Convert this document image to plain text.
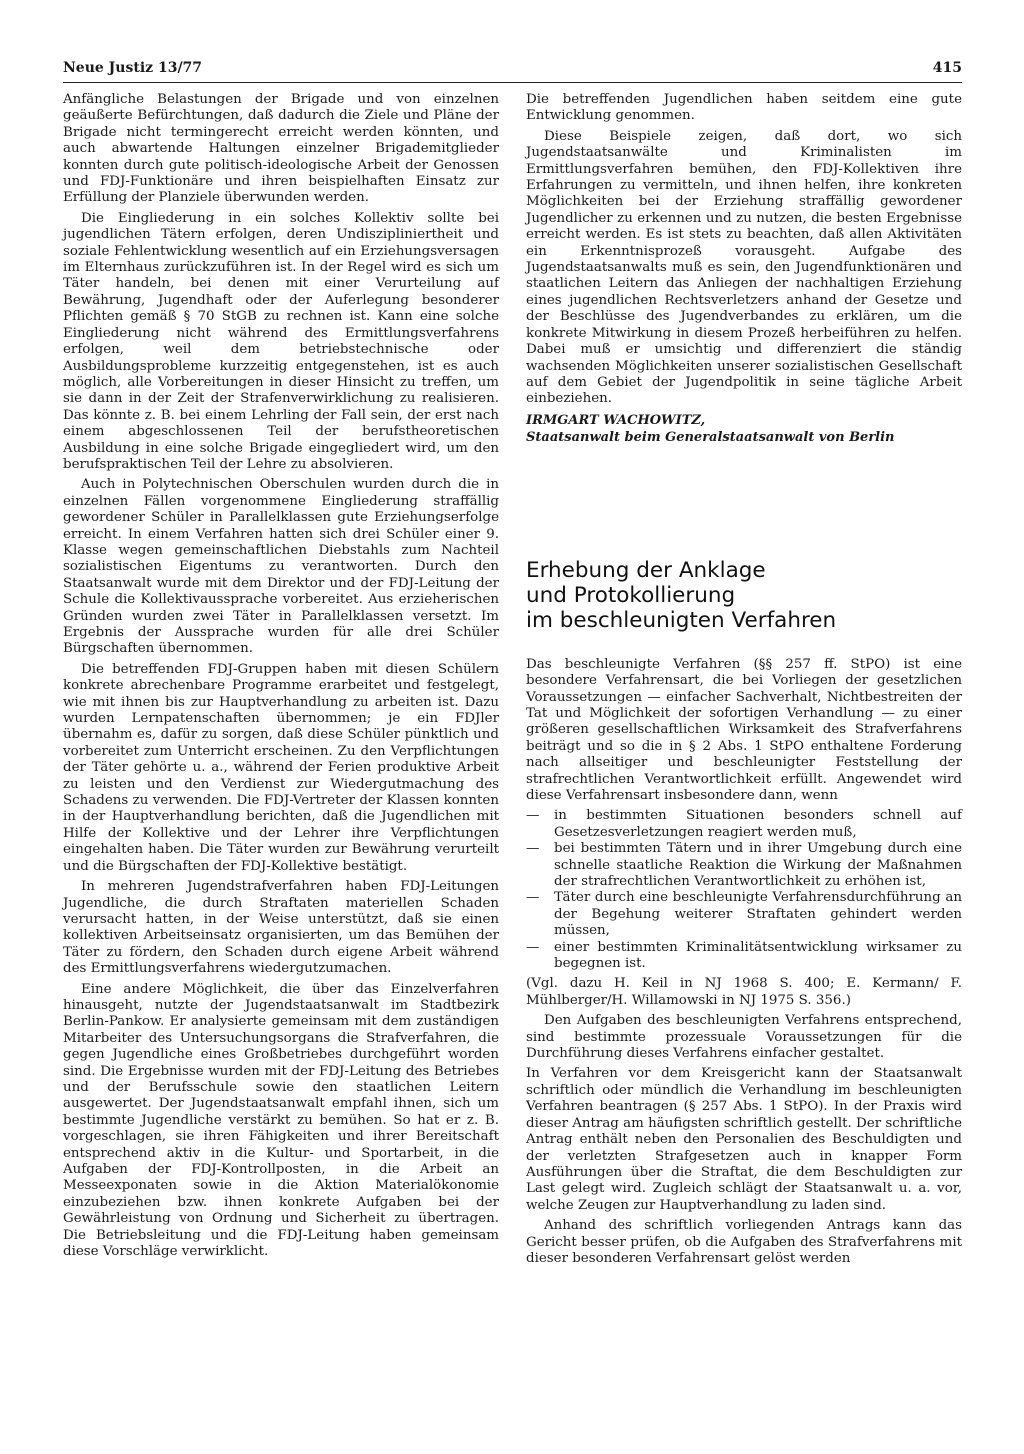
Neue Justiz 13/77	415

Anfängliche Belastungen der Brigade und von einzelnen geäußerte Befürchtungen, daß dadurch die Ziele und Pläne der Brigade nicht termingerecht erreicht werden könnten, und auch abwartende Haltungen einzelner Brigademitglieder konnten durch gute politisch-ideologische Arbeit der Genossen und FDJ-Funktionäre und ihren beispielhaften Einsatz zur Erfüllung der Planziele überwunden werden.

Die Eingliederung in ein solches Kollektiv sollte bei jugendlichen Tätern erfolgen, deren Undiszipliniertheit und soziale Fehlentwicklung wesentlich auf ein Erziehungsversagen im Elternhaus zurückzuführen ist. In der Regel wird es sich um Täter handeln, bei denen mit einer Verurteilung auf Bewährung, Jugendhaft oder der Auferlegung besonderer Pflichten gemäß § 70 StGB zu rechnen ist. Kann eine solche Eingliederung nicht während des Ermittlungsverfahrens erfolgen, weil dem betriebstechnische oder Ausbildungsprobleme kurzzeitig entgegenstehen, ist es auch möglich, alle Vorbereitungen in dieser Hinsicht zu treffen, um sie dann in der Zeit der Strafenverwirklichung zu realisieren. Das könnte z. B. bei einem Lehrling der Fall sein, der erst nach einem abgeschlossenen Teil der berufstheoretischen Ausbildung in eine solche Brigade eingegliedert wird, um den berufspraktischen Teil der Lehre zu absolvieren.

Auch in Polytechnischen Oberschulen wurden durch die in einzelnen Fällen vorgenommene Eingliederung straffällig gewordener Schüler in Parallelklassen gute Erziehungserfolge erreicht. In einem Verfahren hatten sich drei Schüler einer 9. Klasse wegen gemeinschaftlichen Diebstahls zum Nachteil sozialistischen Eigentums zu verantworten. Durch den Staatsanwalt wurde mit dem Direktor und der FDJ-Leitung der Schule die Kollektivaussprache vorbereitet. Aus erzieherischen Gründen wurden zwei Täter in Parallelklassen versetzt. Im Ergebnis der Aussprache wurden für alle drei Schüler Bürgschaften übernommen.

Die betreffenden FDJ-Gruppen haben mit diesen Schülern konkrete abrechenbare Programme erarbeitet und festgelegt, wie mit ihnen bis zur Hauptverhandlung zu arbeiten ist. Dazu wurden Lernpatenschaften übernommen; je ein FDJler übernahm es, dafür zu sorgen, daß diese Schüler pünktlich und vorbereitet zum Unterricht erscheinen. Zu den Verpflichtungen der Täter gehörte u. a., während der Ferien produktive Arbeit zu leisten und den Verdienst zur Wiedergutmachung des Schadens zu verwenden. Die FDJ-Vertreter der Klassen konnten in der Hauptverhandlung berichten, daß die Jugendlichen mit Hilfe der Kollektive und der Lehrer ihre Verpflichtungen eingehalten haben. Die Täter wurden zur Bewährung verurteilt und die Bürgschaften der FDJ-Kollektive bestätigt.

In mehreren Jugendstrafverfahren haben FDJ-Leitungen Jugendliche, die durch Straftaten materiellen Schaden verursacht hatten, in der Weise unterstützt, daß sie einen kollektiven Arbeitseinsatz organisierten, um das Bemühen der Täter zu fördern, den Schaden durch eigene Arbeit während des Ermittlungsverfahrens wiedergutzumachen.

Eine andere Möglichkeit, die über das Einzelverfahren hinausgeht, nutzte der Jugendstaatsanwalt im Stadtbezirk Berlin-Pankow. Er analysierte gemeinsam mit dem zuständigen Mitarbeiter des Untersuchungsorgans die Strafverfahren, die gegen Jugendliche eines Großbetriebes durchgeführt worden sind. Die Ergebnisse wurden mit der FDJ-Leitung des Betriebes und der Berufsschule sowie den staatlichen Leitern ausgewertet. Der Jugendstaatsanwalt empfahl ihnen, sich um bestimmte Jugendliche verstärkt zu bemühen. So hat er z. B. vorgeschlagen, sie ihren Fähigkeiten und ihrer Bereitschaft entsprechend aktiv in die Kultur- und Sportarbeit, in die Aufgaben der FDJ-Kontrollposten, in die Arbeit an Messeexponaten sowie in die Aktion Materialökonomie einzubeziehen bzw. ihnen konkrete Aufgaben bei der Gewährleistung von Ordnung und Sicherheit zu übertragen. Die Betriebsleitung und die FDJ-Leitung haben gemeinsam diese Vorschläge verwirklicht.

Die betreffenden Jugendlichen haben seitdem eine gute Entwicklung genommen.

Diese Beispiele zeigen, daß dort, wo sich Jugendstaatsanwälte und Kriminalisten im Ermittlungsverfahren bemühen, den FDJ-Kollektiven ihre Erfahrungen zu vermitteln, und ihnen helfen, ihre konkreten Möglichkeiten bei der Erziehung straffällig gewordener Jugendlicher zu erkennen und zu nutzen, die besten Ergebnisse erreicht werden. Es ist stets zu beachten, daß allen Aktivitäten ein Erkenntnisprozeß vorausgeht. Aufgabe des Jugendstaatsanwalts muß es sein, den Jugendfunktionären und staatlichen Leitern das Anliegen der nachhaltigen Erziehung eines jugendlichen Rechtsverletzers anhand der Gesetze und der Beschlüsse des Jugendverbandes zu erklären, um die konkrete Mitwirkung in diesem Prozeß herbeiführen zu helfen. Dabei muß er umsichtig und differenziert die ständig wachsenden Möglichkeiten unserer sozialistischen Gesellschaft auf dem Gebiet der Jugendpolitik in seine tägliche Arbeit einbeziehen.

IRMGART WACHOWITZ,
Staatsanwalt beim Generalstaatsanwalt von Berlin
Erhebung der Anklage
und Protokollierung
im beschleunigten Verfahren

Das beschleunigte Verfahren (§§ 257 ff. StPO) ist eine besondere Verfahrensart, die bei Vorliegen der gesetzlichen Voraussetzungen — einfacher Sachverhalt, Nichtbestreiten der Tat und Möglichkeit der sofortigen Verhandlung — zu einer größeren gesellschaftlichen Wirksamkeit des Strafverfahrens beiträgt und so die in § 2 Abs. 1 StPO enthaltene Forderung nach allseitiger und beschleunigter Feststellung der strafrechtlichen Verantwortlichkeit erfüllt. Angewendet wird diese Verfahrensart insbesondere dann, wenn

— in bestimmten Situationen besonders schnell auf Gesetzesverletzungen reagiert werden muß,
— bei bestimmten Tätern und in ihrer Umgebung durch eine schnelle staatliche Reaktion die Wirkung der Maßnahmen der strafrechtlichen Verantwortlichkeit zu erhöhen ist,
— Täter durch eine beschleunigte Verfahrensdurchführung an der Begehung weiterer Straftaten gehindert werden müssen,
— einer bestimmten Kriminalitätsentwicklung wirksamer zu begegnen ist.

(Vgl. dazu H. Keil in NJ 1968 S. 400; E. Kermann/ F. Mühlberger/H. Willamowski in NJ 1975 S. 356.)

Den Aufgaben des beschleunigten Verfahrens entsprechend, sind bestimmte prozessuale Voraussetzungen für die Durchführung dieses Verfahrens einfacher gestaltet.

In Verfahren vor dem Kreisgericht kann der Staatsanwalt schriftlich oder mündlich die Verhandlung im beschleunigten Verfahren beantragen (§ 257 Abs. 1 StPO). In der Praxis wird dieser Antrag am häufigsten schriftlich gestellt. Der schriftliche Antrag enthält neben den Personalien des Beschuldigten und der verletzten Strafgesetzen auch in knapper Form Ausführungen über die Straftat, die dem Beschuldigten zur Last gelegt wird. Zugleich schlägt der Staatsanwalt u. a. vor, welche Zeugen zur Hauptverhandlung zu laden sind.

Anhand des schriftlich vorliegenden Antrags kann das Gericht besser prüfen, ob die Aufgaben des Strafverfahrens mit dieser besonderen Verfahrensart gelöst werden
